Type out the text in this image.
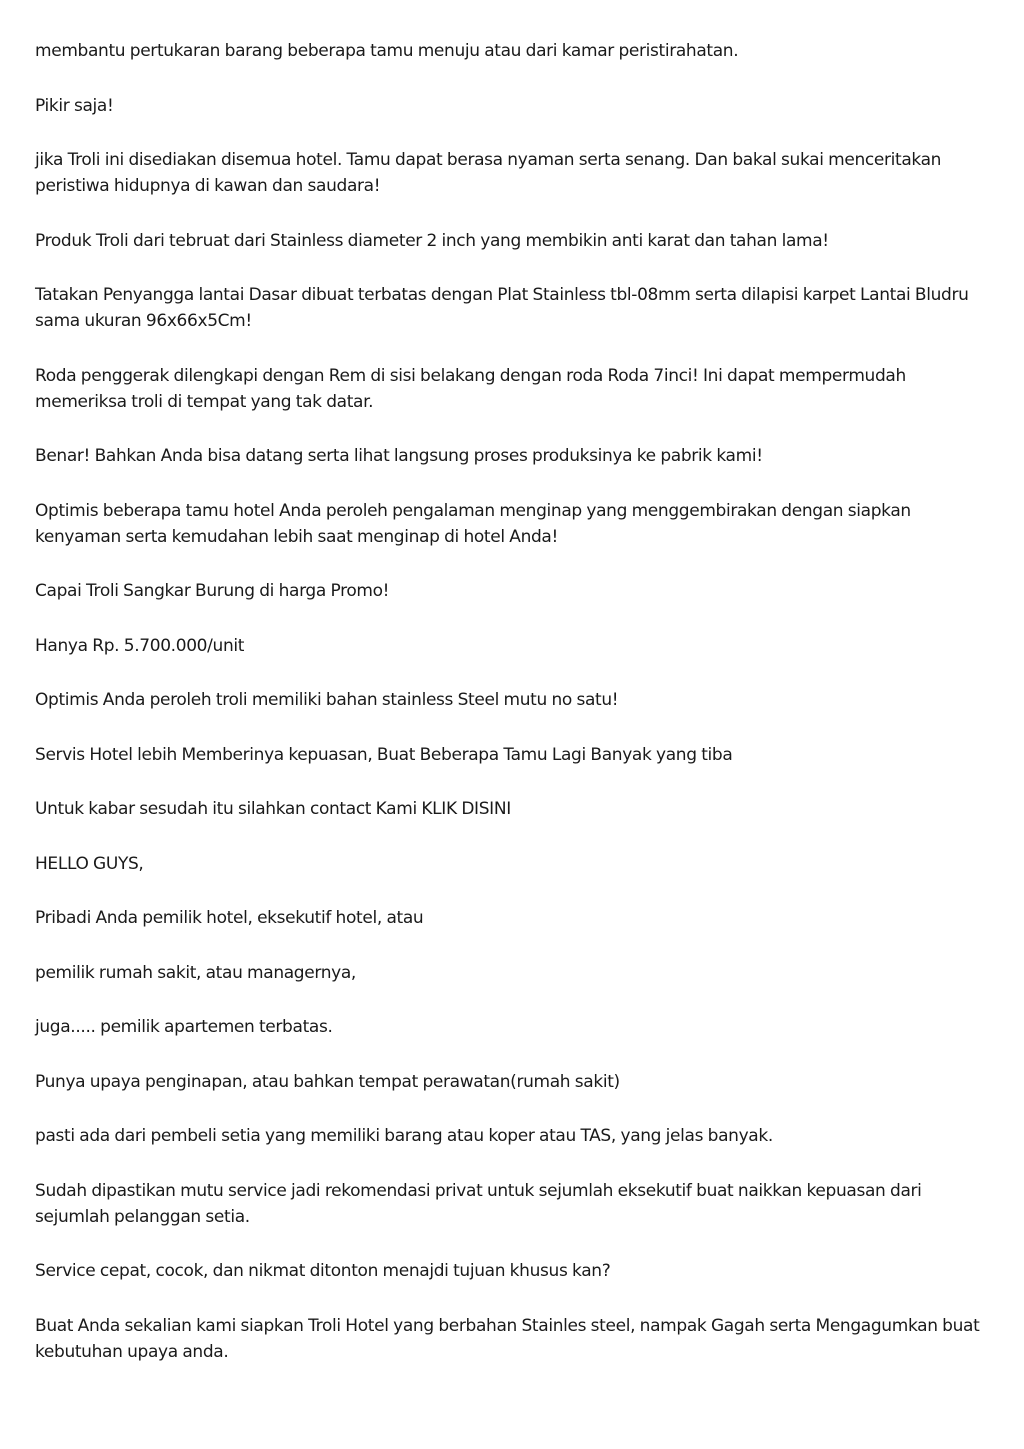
membantu pertukaran barang beberapa tamu menuju atau dari kamar peristirahatan.

Pikir saja!

jika Troli ini disediakan disemua hotel. Tamu dapat berasa nyaman serta senang. Dan bakal sukai menceritakan peristiwa hidupnya di kawan dan saudara!

Produk Troli dari tebruat dari Stainless diameter 2 inch yang membikin anti karat dan tahan lama!

Tatakan Penyangga lantai Dasar dibuat terbatas dengan Plat Stainless tbl-08mm serta dilapisi karpet Lantai Bludru sama ukuran 96x66x5Cm!

Roda penggerak dilengkapi dengan Rem di sisi belakang dengan roda Roda 7inci! Ini dapat mempermudah memeriksa troli di tempat yang tak datar.

Benar! Bahkan Anda bisa datang serta lihat langsung proses produksinya ke pabrik kami!

Optimis beberapa tamu hotel Anda peroleh pengalaman menginap yang menggembirakan dengan siapkan kenyaman serta kemudahan lebih saat menginap di hotel Anda!

Capai Troli Sangkar Burung di harga Promo!

Hanya Rp. 5.700.000/unit

Optimis Anda peroleh troli memiliki bahan stainless Steel mutu no satu!

Servis Hotel lebih Memberinya kepuasan, Buat Beberapa Tamu Lagi Banyak yang tiba

Untuk kabar sesudah itu silahkan contact Kami KLIK DISINI

HELLO GUYS,

Pribadi Anda pemilik hotel, eksekutif hotel, atau

pemilik rumah sakit, atau managernya,

juga..... pemilik apartemen terbatas.

Punya upaya penginapan, atau bahkan tempat perawatan(rumah sakit)

pasti ada dari pembeli setia yang memiliki barang atau koper atau TAS, yang jelas banyak.

Sudah dipastikan mutu service jadi rekomendasi privat untuk sejumlah eksekutif buat naikkan kepuasan dari sejumlah pelanggan setia.

Service cepat, cocok, dan nikmat ditonton menajdi tujuan khusus kan?

Buat Anda sekalian kami siapkan Troli Hotel yang berbahan Stainles steel, nampak Gagah serta Mengagumkan buat kebutuhan upaya anda.
